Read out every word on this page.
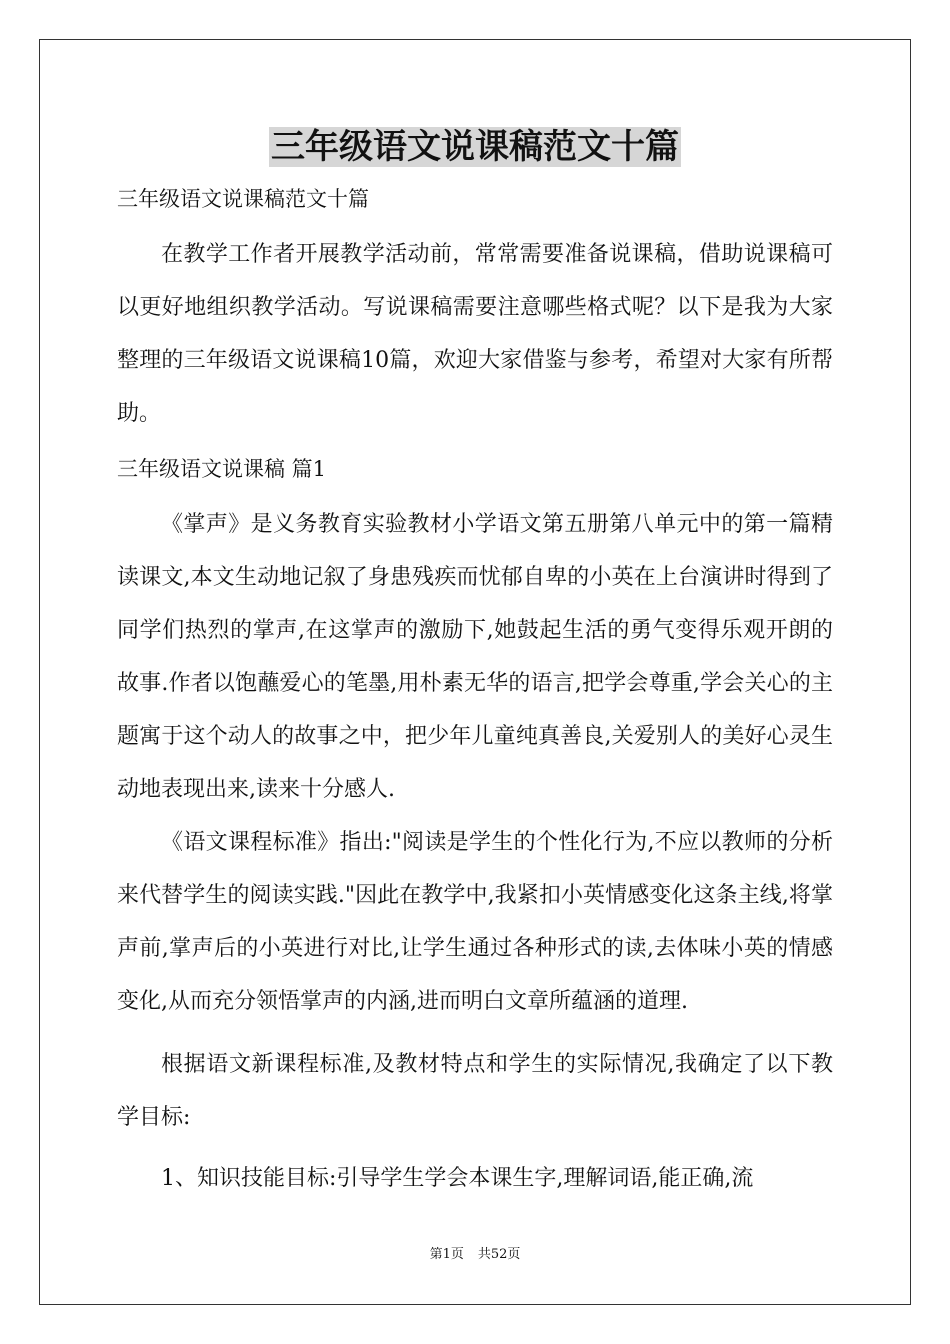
三年级语文说课稿范文十篇
三年级语文说课稿范文十篇

在教学工作者开展教学活动前，常常需要准备说课稿，借助说课稿可以更好地组织教学活动。写说课稿需要注意哪些格式呢？以下是我为大家整理的三年级语文说课稿10篇，欢迎大家借鉴与参考，希望对大家有所帮助。

三年级语文说课稿 篇1

《掌声》是义务教育实验教材小学语文第五册第八单元中的第一篇精读课文,本文生动地记叙了身患残疾而忧郁自卑的小英在上台演讲时得到了同学们热烈的掌声,在这掌声的激励下,她鼓起生活的勇气变得乐观开朗的故事.作者以饱蘸爱心的笔墨,用朴素无华的语言,把学会尊重,学会关心的主题寓于这个动人的故事之中，把少年儿童纯真善良,关爱别人的美好心灵生动地表现出来,读来十分感人.

《语文课程标准》指出:"阅读是学生的个性化行为,不应以教师的分析来代替学生的阅读实践."因此在教学中,我紧扣小英情感变化这条主线,将掌声前,掌声后的小英进行对比,让学生通过各种形式的读,去体味小英的情感变化,从而充分领悟掌声的内涵,进而明白文章所蕴涵的道理.

根据语文新课程标准,及教材特点和学生的实际情况,我确定了以下教学目标:

1、知识技能目标:引导学生学会本课生字,理解词语,能正确,流

第1页 共52页
